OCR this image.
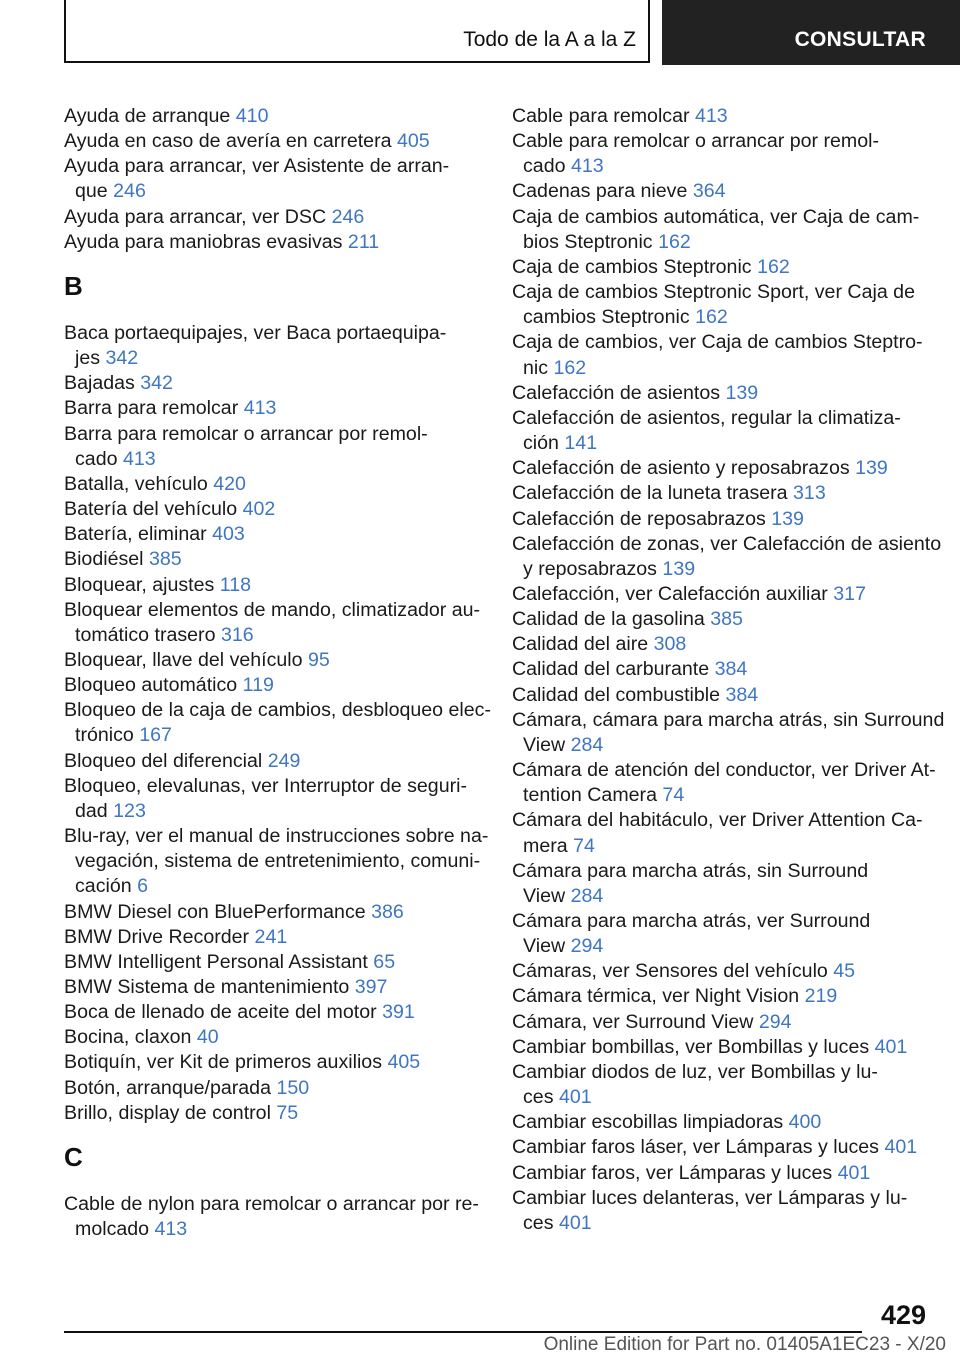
Todo de la A a la Z	CONSULTAR
Ayuda de arranque 410
Ayuda en caso de avería en carretera 405
Ayuda para arrancar, ver Asistente de arran-
que 246
Ayuda para arrancar, ver DSC 246
Ayuda para maniobras evasivas 211
B
Baca portaequipajes, ver Baca portaequipa-
jes 342
Bajadas 342
Barra para remolcar 413
Barra para remolcar o arrancar por remol-
cado 413
Batalla, vehículo 420
Batería del vehículo 402
Batería, eliminar 403
Biodiésel 385
Bloquear, ajustes 118
Bloquear elementos de mando, climatizador au-
tomático trasero 316
Bloquear, llave del vehículo 95
Bloqueo automático 119
Bloqueo de la caja de cambios, desbloqueo elec-
trónico 167
Bloqueo del diferencial 249
Bloqueo, elevalunas, ver Interruptor de seguri-
dad 123
Blu-ray, ver el manual de instrucciones sobre na-
vegación, sistema de entretenimiento, comuni-
cación 6
BMW Diesel con BluePerformance 386
BMW Drive Recorder 241
BMW Intelligent Personal Assistant 65
BMW Sistema de mantenimiento 397
Boca de llenado de aceite del motor 391
Bocina, claxon 40
Botiquín, ver Kit de primeros auxilios 405
Botón, arranque/parada 150
Brillo, display de control 75
C
Cable de nylon para remolcar o arrancar por re-
molcado 413
Cable para remolcar 413
Cable para remolcar o arrancar por remol-
cado 413
Cadenas para nieve 364
Caja de cambios automática, ver Caja de cam-
bios Steptronic 162
Caja de cambios Steptronic 162
Caja de cambios Steptronic Sport, ver Caja de
cambios Steptronic 162
Caja de cambios, ver Caja de cambios Steptro-
nic 162
Calefacción de asientos 139
Calefacción de asientos, regular la climatiza-
ción 141
Calefacción de asiento y reposabrazos 139
Calefacción de la luneta trasera 313
Calefacción de reposabrazos 139
Calefacción de zonas, ver Calefacción de asiento
y reposabrazos 139
Calefacción, ver Calefacción auxiliar 317
Calidad de la gasolina 385
Calidad del aire 308
Calidad del carburante 384
Calidad del combustible 384
Cámara, cámara para marcha atrás, sin Surround
View 284
Cámara de atención del conductor, ver Driver At-
tention Camera 74
Cámara del habitáculo, ver Driver Attention Ca-
mera 74
Cámara para marcha atrás, sin Surround
View 284
Cámara para marcha atrás, ver Surround
View 294
Cámaras, ver Sensores del vehículo 45
Cámara térmica, ver Night Vision 219
Cámara, ver Surround View 294
Cambiar bombillas, ver Bombillas y luces 401
Cambiar diodos de luz, ver Bombillas y lu-
ces 401
Cambiar escobillas limpiadoras 400
Cambiar faros láser, ver Lámparas y luces 401
Cambiar faros, ver Lámparas y luces 401
Cambiar luces delanteras, ver Lámparas y lu-
ces 401
429
Online Edition for Part no. 01405A1EC23 - X/20
